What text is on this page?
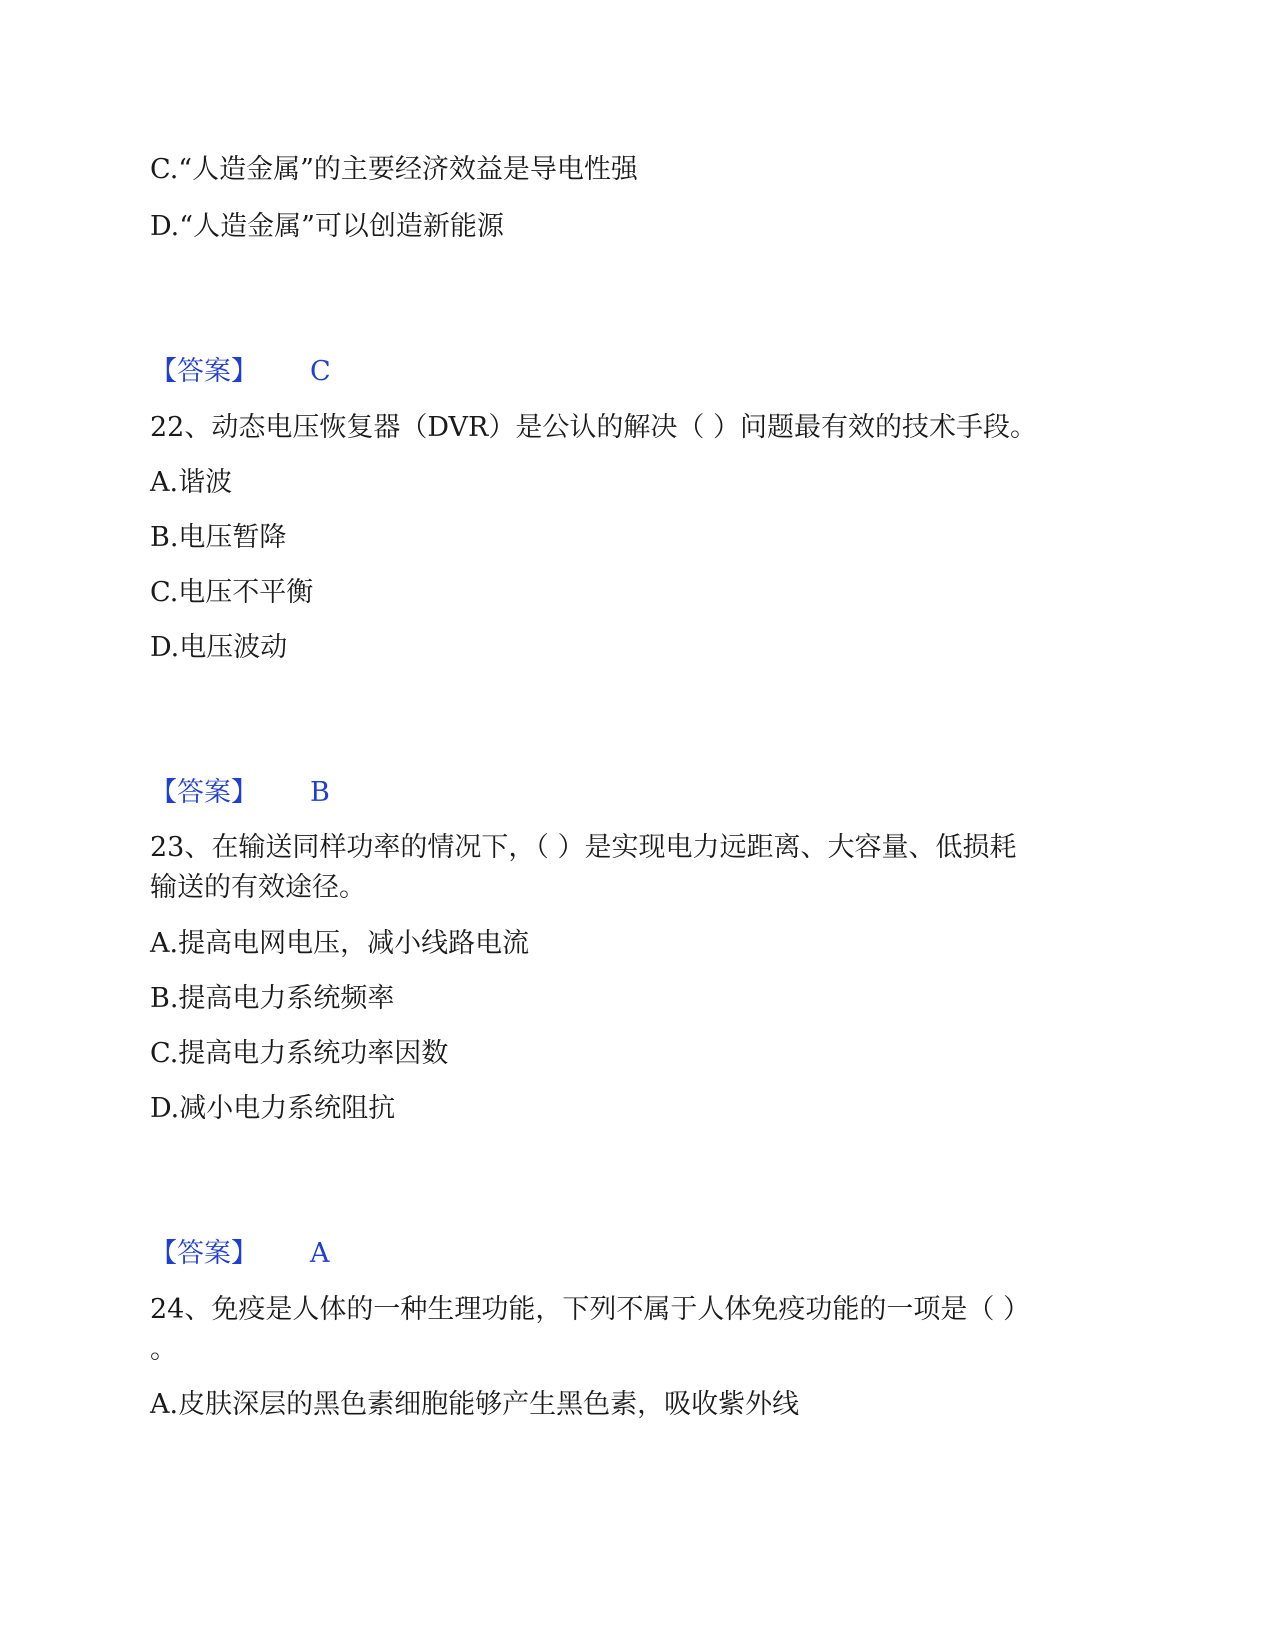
C.“人造金属”的主要经济效益是导电性强
D.“人造金属”可以创造新能源
【答案】 C
22、动态电压恢复器（DVR）是公认的解决（ ）问题最有效的技术手段。
A.谐波
B.电压暂降
C.电压不平衡
D.电压波动
【答案】 B
23、在输送同样功率的情况下，（ ）是实现电力远距离、大容量、低损耗
输送的有效途径。
A.提高电网电压，减小线路电流
B.提高电力系统频率
C.提高电力系统功率因数
D.减小电力系统阻抗
【答案】 A
24、免疫是人体的一种生理功能，下列不属于人体免疫功能的一项是（ ）
。
A.皮肤深层的黑色素细胞能够产生黑色素，吸收紫外线
